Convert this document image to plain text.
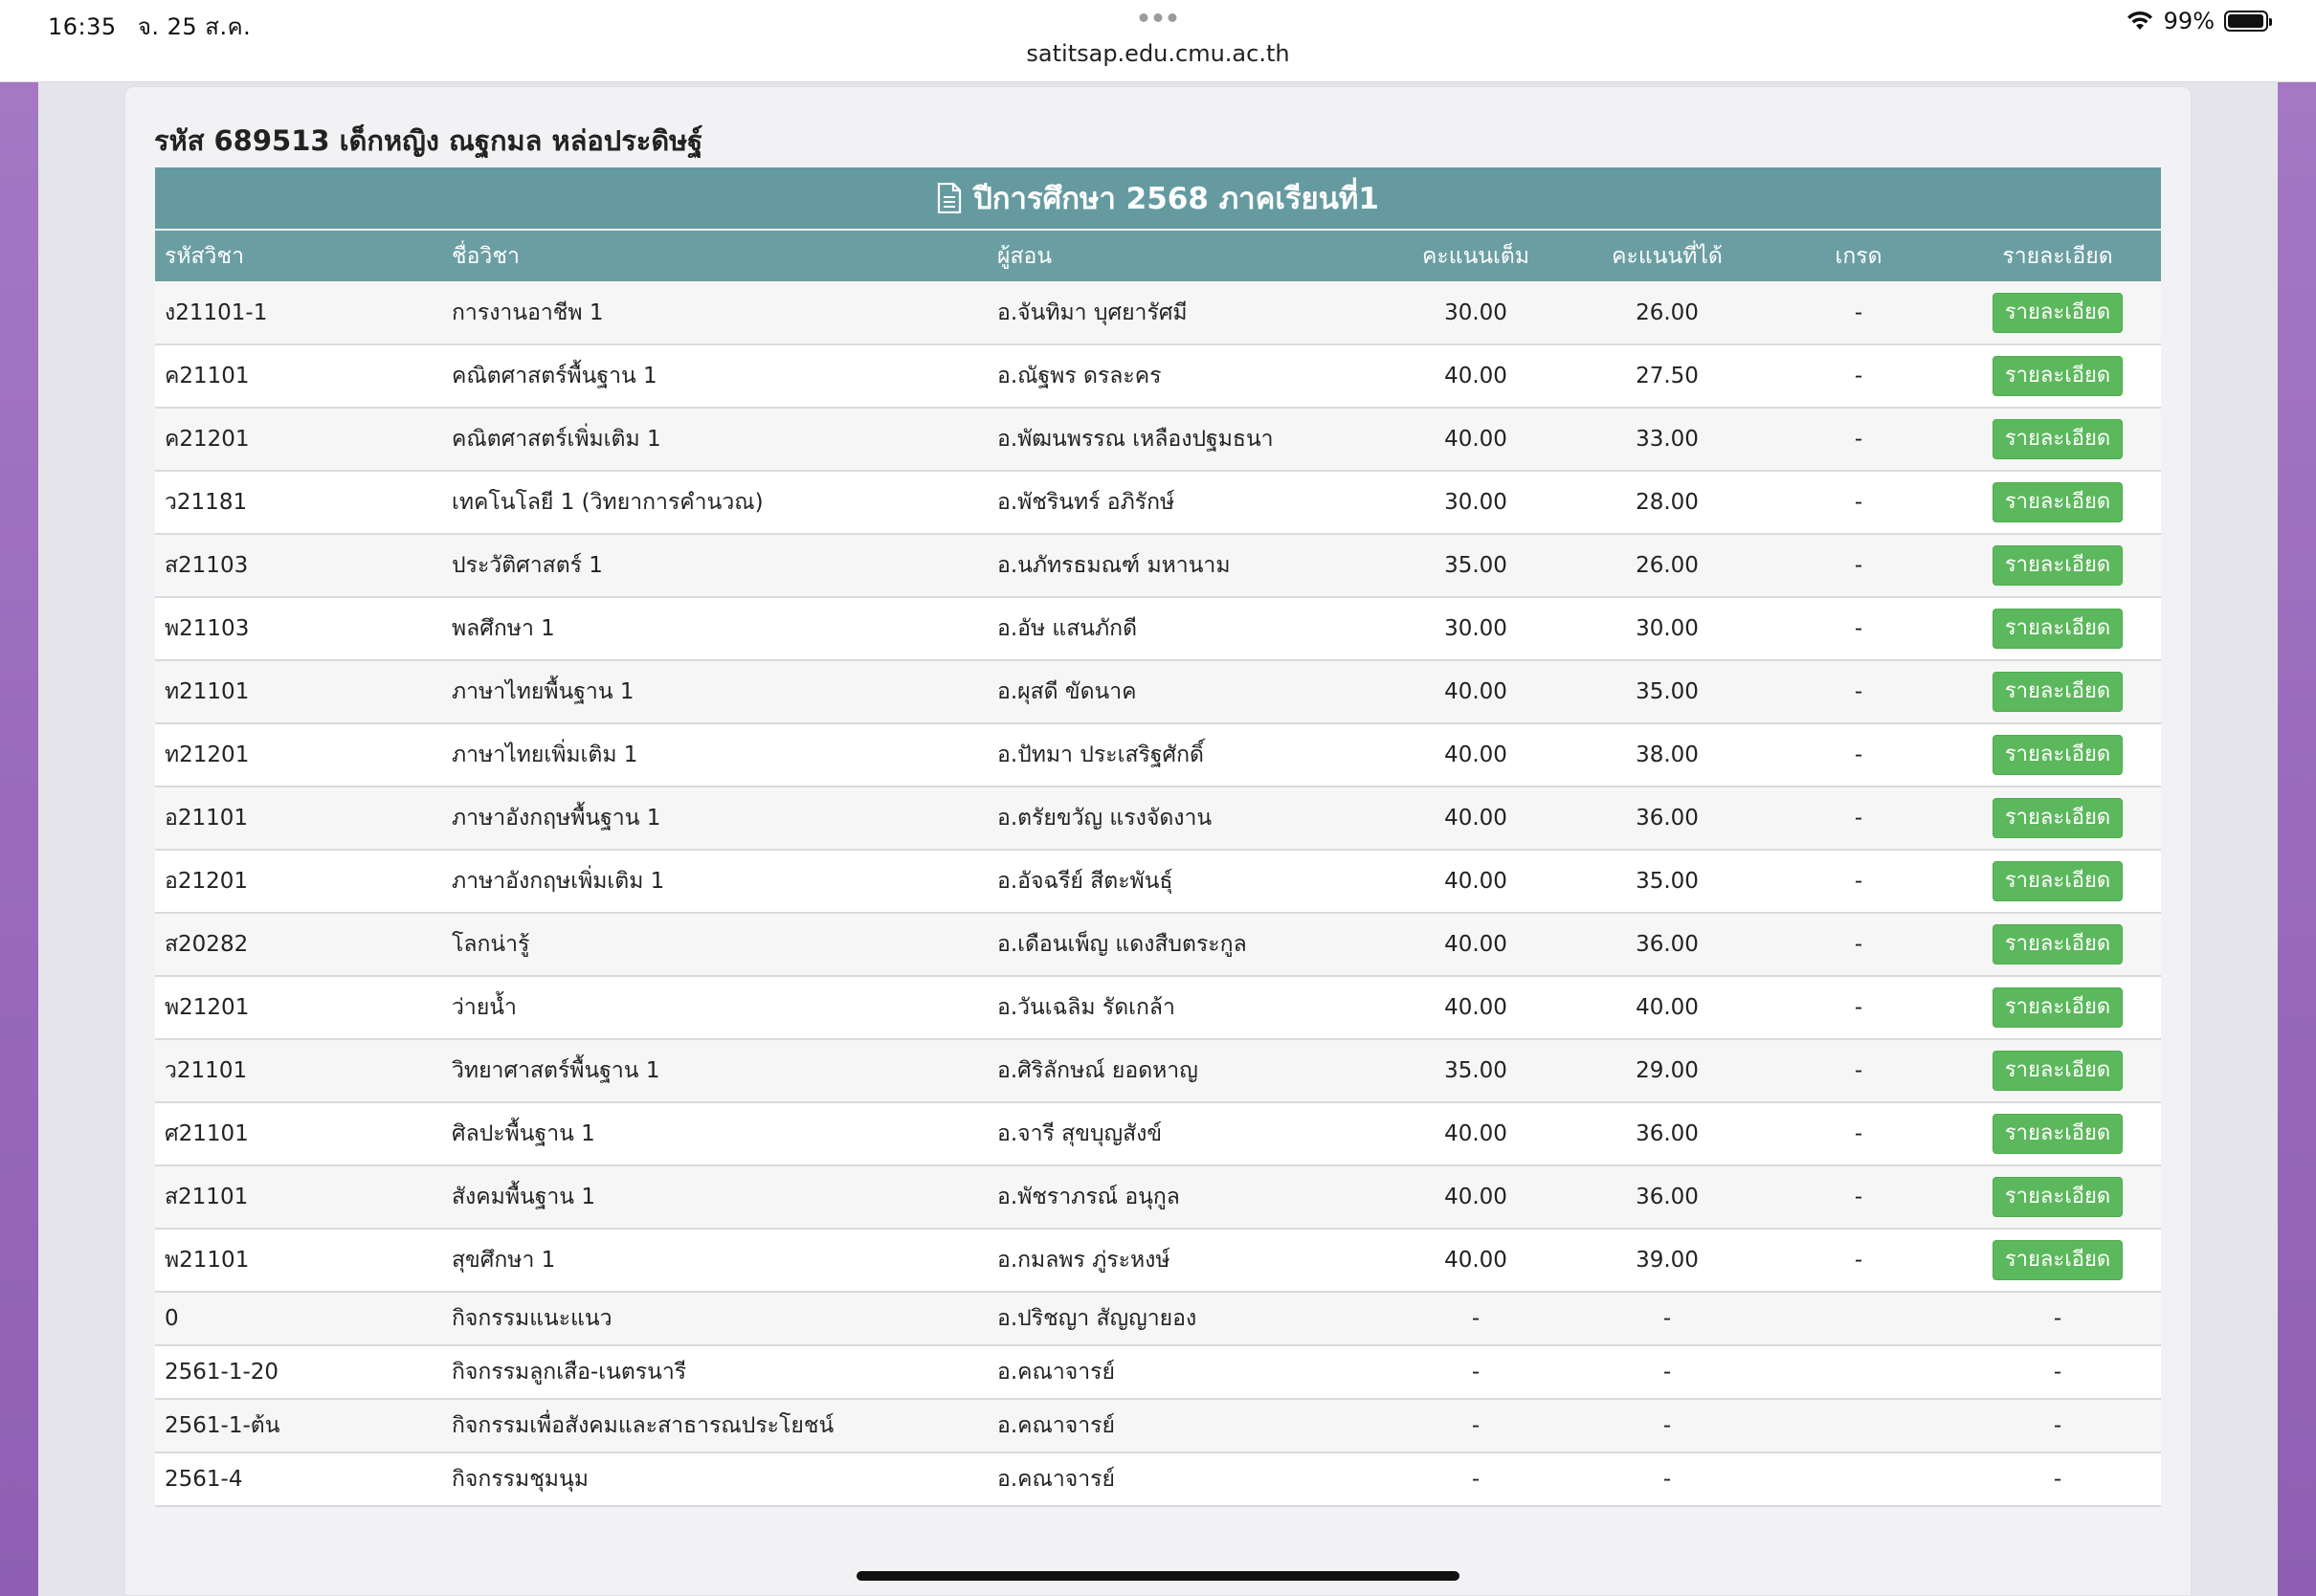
16:35 จ. 25 ส.ค.
satitsap.edu.cmu.ac.th
99%
รหัส 689513 เด็กหญิง ณฐกมล หล่อประดิษฐ์
ปีการศึกษา 2568 ภาคเรียนที่1
รหัสวิชา	ชื่อวิชา	ผู้สอน	คะแนนเต็ม	คะแนนที่ได้	เกรด	รายละเอียด
ง21101-1	การงานอาชีพ 1	อ.จันทิมา บุศยารัศมี	30.00	26.00	-	รายละเอียด
ค21101	คณิตศาสตร์พื้นฐาน 1	อ.ณัฐพร ดรละคร	40.00	27.50	-	รายละเอียด
ค21201	คณิตศาสตร์เพิ่มเติม 1	อ.พัฒนพรรณ เหลืองปฐมธนา	40.00	33.00	-	รายละเอียด
ว21181	เทคโนโลยี 1 (วิทยาการคำนวณ)	อ.พัชรินทร์ อภิรักษ์	30.00	28.00	-	รายละเอียด
ส21103	ประวัติศาสตร์ 1	อ.นภัทรธมณฑ์ มหานาม	35.00	26.00	-	รายละเอียด
พ21103	พลศึกษา 1	อ.อัษ แสนภักดี	30.00	30.00	-	รายละเอียด
ท21101	ภาษาไทยพื้นฐาน 1	อ.ผุสดี ขัดนาค	40.00	35.00	-	รายละเอียด
ท21201	ภาษาไทยเพิ่มเติม 1	อ.ปัทมา ประเสริฐศักดิ์	40.00	38.00	-	รายละเอียด
อ21101	ภาษาอังกฤษพื้นฐาน 1	อ.ตรัยขวัญ แรงจัดงาน	40.00	36.00	-	รายละเอียด
อ21201	ภาษาอังกฤษเพิ่มเติม 1	อ.อัจฉรีย์ สีตะพันธุ์	40.00	35.00	-	รายละเอียด
ส20282	โลกน่ารู้	อ.เดือนเพ็ญ แดงสืบตระกูล	40.00	36.00	-	รายละเอียด
พ21201	ว่ายน้ำ	อ.วันเฉลิม รัดเกล้า	40.00	40.00	-	รายละเอียด
ว21101	วิทยาศาสตร์พื้นฐาน 1	อ.ศิริลักษณ์ ยอดหาญ	35.00	29.00	-	รายละเอียด
ศ21101	ศิลปะพื้นฐาน 1	อ.จารี สุขบุญสังข์	40.00	36.00	-	รายละเอียด
ส21101	สังคมพื้นฐาน 1	อ.พัชราภรณ์ อนุกูล	40.00	36.00	-	รายละเอียด
พ21101	สุขศึกษา 1	อ.กมลพร ภู่ระหงษ์	40.00	39.00	-	รายละเอียด
0	กิจกรรมแนะแนว	อ.ปริชญา สัญญายอง	-	-		-
2561-1-20	กิจกรรมลูกเสือ-เนตรนารี	อ.คณาจารย์	-	-		-
2561-1-ต้น	กิจกรรมเพื่อสังคมและสาธารณประโยชน์	อ.คณาจารย์	-	-		-
2561-4	กิจกรรมชุมนุม	อ.คณาจารย์	-	-		-
